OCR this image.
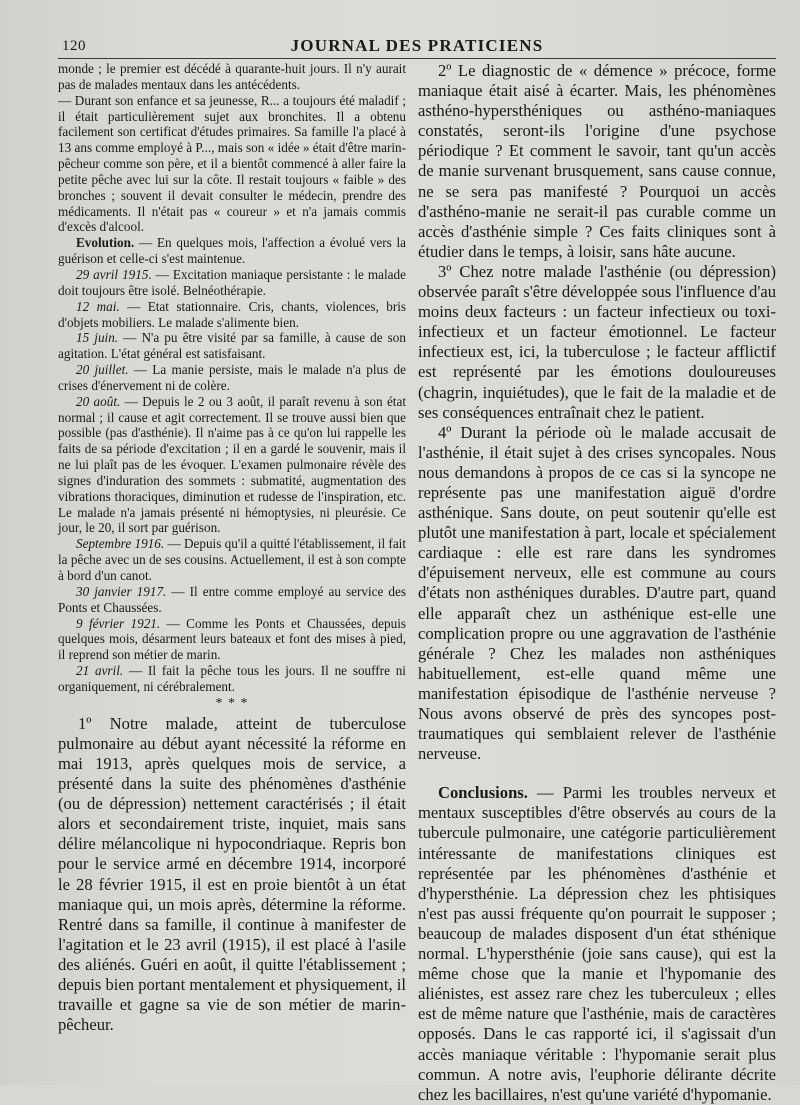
120	JOURNAL DES PRATICIENS

monde ; le premier est décédé à quarante-huit jours. Il n'y aurait pas de malades mentaux dans les antécédents.

— Durant son enfance et sa jeunesse, R... a toujours été maladif ; il était particulièrement sujet aux bronchites. Il a obtenu facilement son certificat d'études primaires. Sa famille l'a placé à 13 ans comme employé à P..., mais son « idée » était d'être marin-pêcheur comme son père, et il a bientôt commencé à aller faire la petite pêche avec lui sur la côte. Il restait toujours « faible » des bronches ; souvent il devait consulter le médecin, prendre des médicaments. Il n'était pas « coureur » et n'a jamais commis d'excès d'alcool.

Evolution. — En quelques mois, l'affection a évolué vers la guérison et celle-ci s'est maintenue.

29 avril 1915. — Excitation maniaque persistante : le malade doit toujours être isolé. Belnéothérapie.

12 mai. — Etat stationnaire. Cris, chants, violences, bris d'objets mobiliers. Le malade s'alimente bien.

15 juin. — N'a pu être visité par sa famille, à cause de son agitation. L'état général est satisfaisant.

20 juillet. — La manie persiste, mais le malade n'a plus de crises d'énervement ni de colère.

20 août. — Depuis le 2 ou 3 août, il paraît revenu à son état normal ; il cause et agit correctement. Il se trouve aussi bien que possible (pas d'asthénie). Il n'aime pas à ce qu'on lui rappelle les faits de sa période d'excitation ; il en a gardé le souvenir, mais il ne lui plaît pas de les évoquer. L'examen pulmonaire révèle des signes d'induration des sommets : submatité, augmentation des vibrations thoraciques, diminution et rudesse de l'inspiration, etc. Le malade n'a jamais présenté ni hémoptysies, ni pleurésie. Ce jour, le 20, il sort par guérison.

Septembre 1916. — Depuis qu'il a quitté l'établissement, il fait la pêche avec un de ses cousins. Actuellement, il est à son compte à bord d'un canot.

30 janvier 1917. — Il entre comme employé au service des Ponts et Chaussées.

9 février 1921. — Comme les Ponts et Chaussées, depuis quelques mois, désarment leurs bateaux et font des mises à pied, il reprend son métier de marin.

21 avril. — Il fait la pêche tous les jours. Il ne souffre ni organiquement, ni cérébralement.

* * *

1º Notre malade, atteint de tuberculose pulmonaire au début ayant nécessité la réforme en mai 1913, après quelques mois de service, a présenté dans la suite des phénomènes d'asthénie (ou de dépression) nettement caractérisés ; il était alors et secondairement triste, inquiet, mais sans délire mélancolique ni hypocondriaque. Repris bon pour le service armé en décembre 1914, incorporé le 28 février 1915, il est en proie bientôt à un état maniaque qui, un mois après, détermine la réforme. Rentré dans sa famille, il continue à manifester de l'agitation et le 23 avril (1915), il est placé à l'asile des aliénés. Guéri en août, il quitte l'établissement ; depuis bien portant mentalement et physiquement, il travaille et gagne sa vie de son métier de marin-pêcheur.

2º Le diagnostic de « démence » précoce, forme maniaque était aisé à écarter. Mais, les phénomènes asthéno-hypersthéniques ou asthéno-maniaques constatés, seront-ils l'origine d'une psychose périodique ? Et comment le savoir, tant qu'un accès de manie survenant brusquement, sans cause connue, ne se sera pas manifesté ? Pourquoi un accès d'asthéno-manie ne serait-il pas curable comme un accès d'asthénie simple ? Ces faits cliniques sont à étudier dans le temps, à loisir, sans hâte aucune.

3º Chez notre malade l'asthénie (ou dépression) observée paraît s'être développée sous l'influence d'au moins deux facteurs : un facteur infectieux ou toxi-infectieux et un facteur émotionnel. Le facteur infectieux est, ici, la tuberculose ; le facteur afflictif est représenté par les émotions douloureuses (chagrin, inquiétudes), que le fait de la maladie et de ses conséquences entraînait chez le patient.

4º Durant la période où le malade accusait de l'asthénie, il était sujet à des crises syncopales. Nous nous demandons à propos de ce cas si la syncope ne représente pas une manifestation aiguë d'ordre asthénique. Sans doute, on peut soutenir qu'elle est plutôt une manifestation à part, locale et spécialement cardiaque : elle est rare dans les syndromes d'épuisement nerveux, elle est commune au cours d'états non asthéniques durables. D'autre part, quand elle apparaît chez un asthénique est-elle une complication propre ou une aggravation de l'asthénie générale ? Chez les malades non asthéniques habituellement, est-elle quand même une manifestation épisodique de l'asthénie nerveuse ? Nous avons observé de près des syncopes post-traumatiques qui semblaient relever de l'asthénie nerveuse.

Conclusions. — Parmi les troubles nerveux et mentaux susceptibles d'être observés au cours de la tubercule pulmonaire, une catégorie particulièrement intéressante de manifestations cliniques est représentée par les phénomènes d'asthénie et d'hypersthénie. La dépression chez les phtisiques n'est pas aussi fréquente qu'on pourrait le supposer ; beaucoup de malades disposent d'un état sthénique normal. L'hypersthénie (joie sans cause), qui est la même chose que la manie et l'hypomanie des aliénistes, est assez rare chez les tuberculeux ; elles est de même nature que l'asthénie, mais de caractères opposés. Dans le cas rapporté ici, il s'agissait d'un accès maniaque véritable : l'hypomanie serait plus commun. A notre avis, l'euphorie délirante décrite chez les bacillaires, n'est qu'une variété d'hypomanie.
